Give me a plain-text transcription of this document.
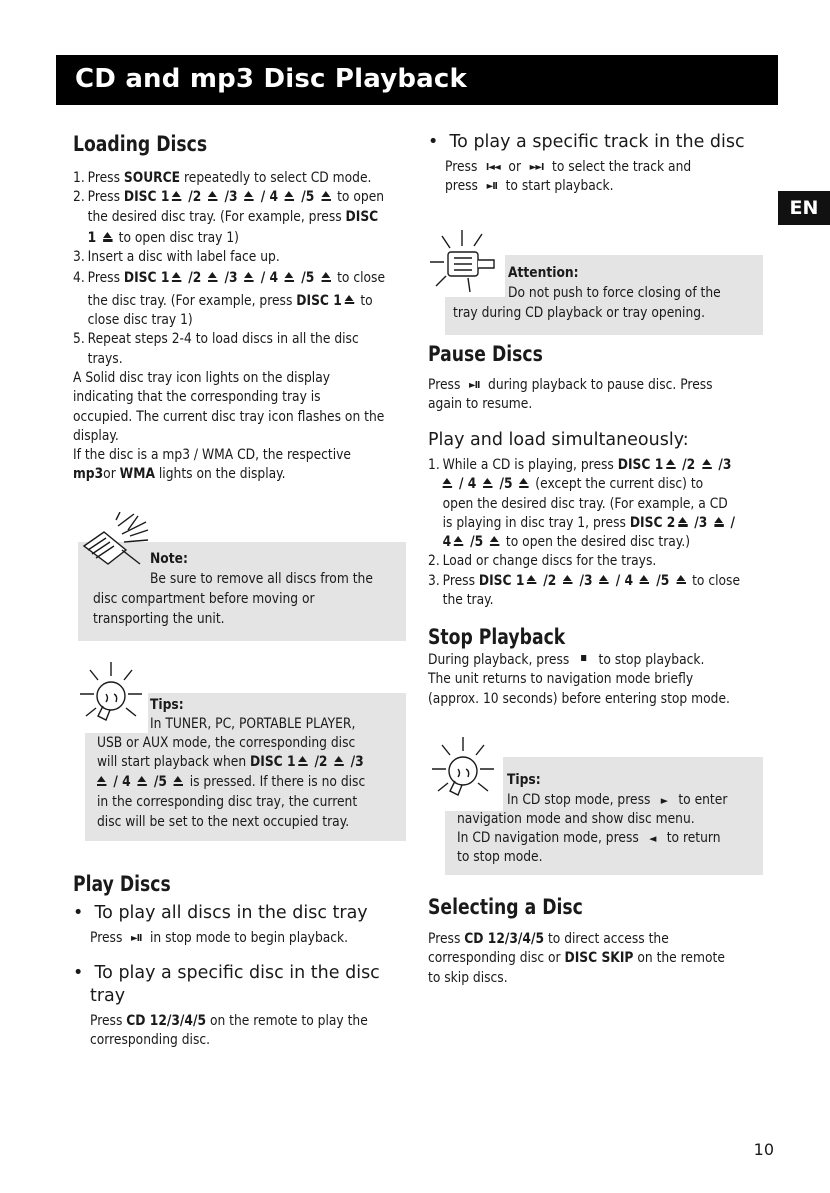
CD and mp3 Disc Playback
EN
Loading Discs
1. Press SOURCE repeatedly to select CD mode.
2. Press DISC 1 /2  /3  / 4  /5  to open
the desired disc tray. (For example, press DISC
1  to open disc tray 1)
3. Insert a disc with label face up.
4. Press DISC 1 /2  /3  / 4  /5  to close
the disc tray. (For example, press DISC 1 to
close disc tray 1)
5. Repeat steps 2-4 to load discs in all the disc
trays.
A Solid disc tray icon lights on the display
indicating that the corresponding tray is
occupied. The current disc tray icon flashes on the
display.
If the disc is a mp3 / WMA CD, the respective
mp3or WMA lights on the display.
Note:
Be sure to remove all discs from the
disc compartment before moving or
transporting the unit.
Tips:
In TUNER, PC, PORTABLE PLAYER,
USB or AUX mode, the corresponding disc
will start playback when DISC 1 /2  /3
/ 4  /5  is pressed. If there is no disc
in the corresponding disc tray, the current
disc will be set to the next occupied tray.
Play Discs
•  To play all discs in the disc tray
Press ►II in stop mode to begin playback.
•  To play a specific disc in the disc
tray
Press CD 12/3/4/5 on the remote to play the
corresponding disc.
•  To play a specific track in the disc
Press I◄◄ or ►►I to select the track and
press ►II to start playback.
Attention:
Do not push to force closing of the
tray during CD playback or tray opening.
Pause Discs
Press ►II during playback to pause disc. Press
again to resume.
Play and load simultaneously:
1. While a CD is playing, press DISC 1 /2  /3
/ 4  /5  (except the current disc) to
open the desired disc tray. (For example, a CD
is playing in disc tray 1, press DISC 2 /3  /
4 /5  to open the desired disc tray.)
2. Load or change discs for the trays.
3. Press DISC 1 /2  /3  / 4  /5  to close
the tray.
Stop Playback
During playback, press to stop playback.
The unit returns to navigation mode briefly
(approx. 10 seconds) before entering stop mode.
Tips:
In CD stop mode, press ► to enter
navigation mode and show disc menu.
In CD navigation mode, press ◄ to return
to stop mode.
Selecting a Disc
Press CD 12/3/4/5 to direct access the
corresponding disc or DISC SKIP on the remote
to skip discs.
10
